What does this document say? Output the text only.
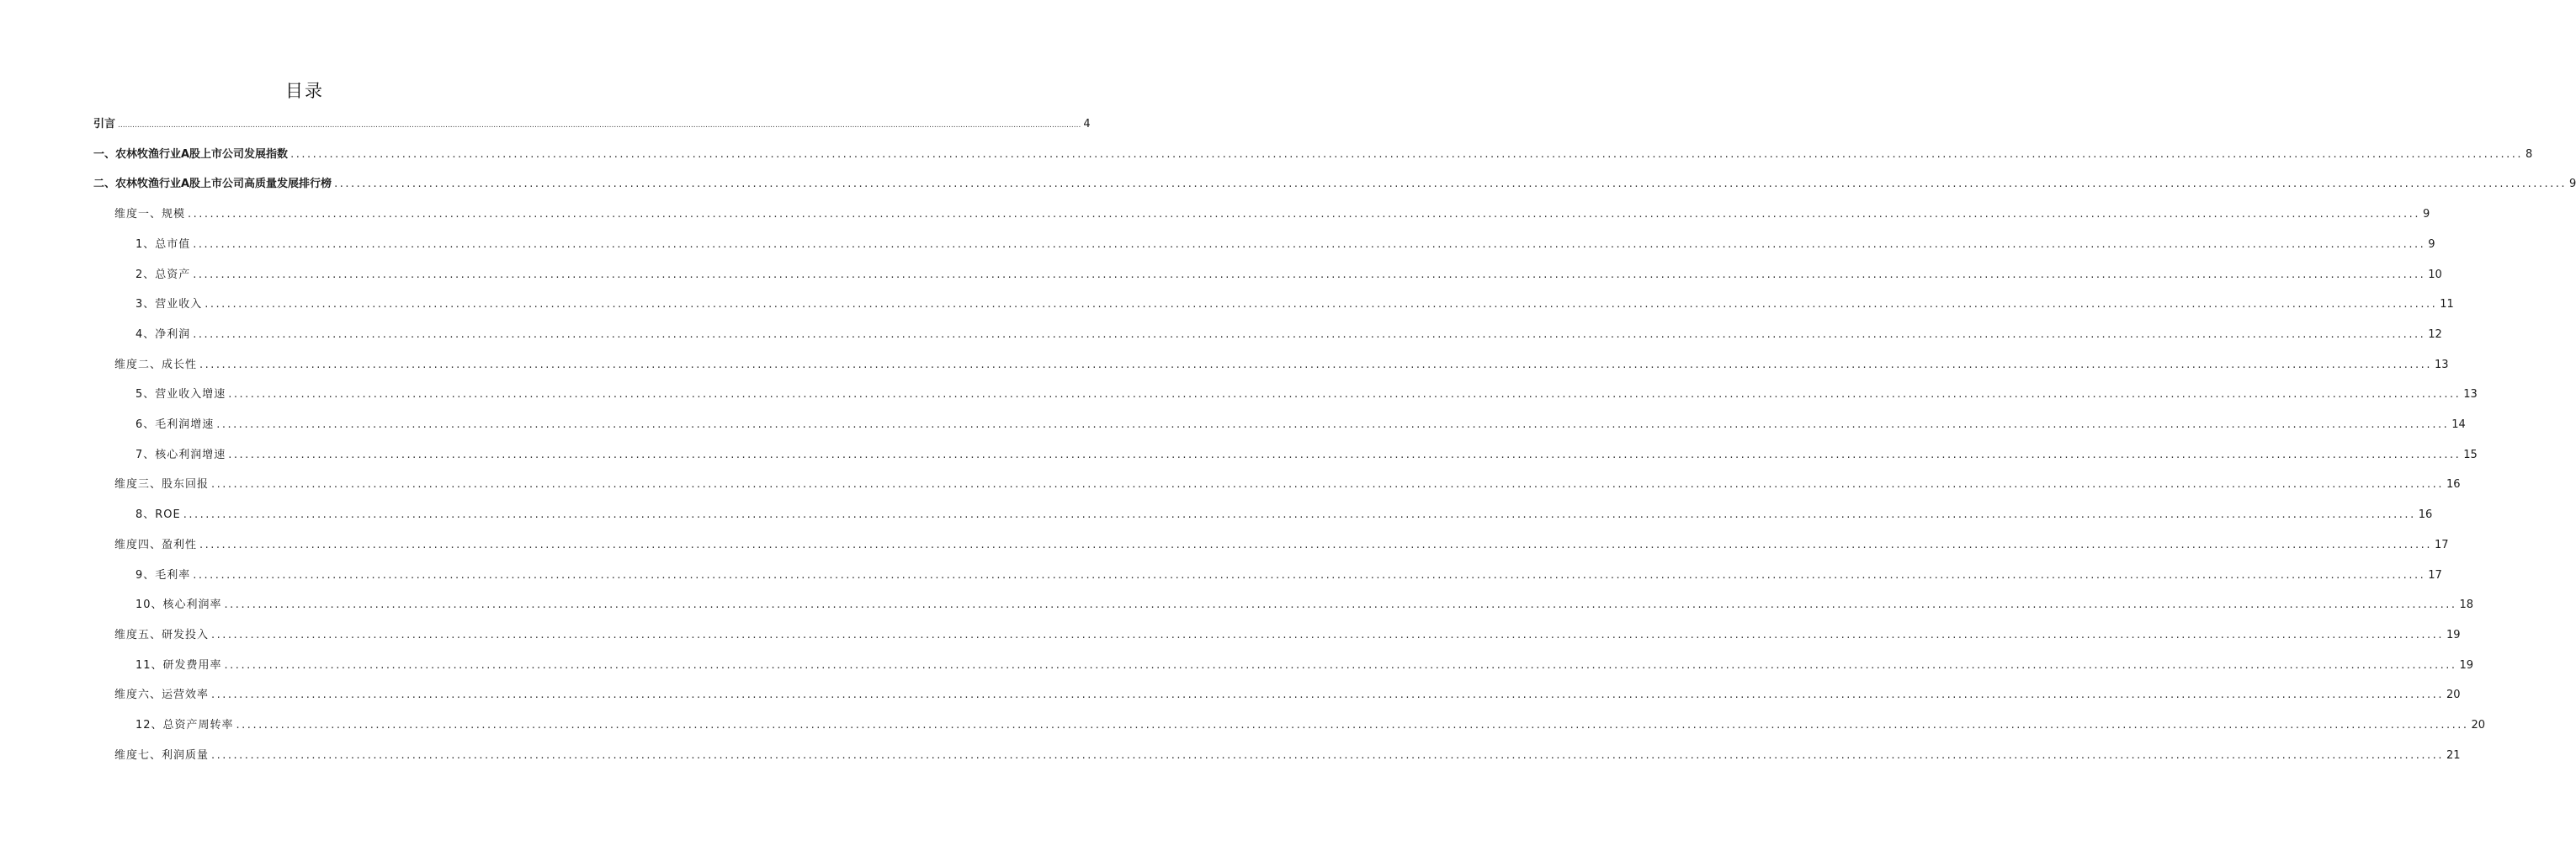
目录
引言 ................................................................................................................................................................................................................................................................................................................................................................................................................ 4
一、农林牧渔行业A股上市公司发展指数 ................................................................................................................................................................................................................................................................................................................................................................................................................ 8
二、农林牧渔行业A股上市公司高质量发展排行榜 ................................................................................................................................................................................................................................................................................................................................................................................................................ 9
维度一、规模 ................................................................................................................................................................................................................................................................................................................................................................................................................ 9
1、总市值 ................................................................................................................................................................................................................................................................................................................................................................................................................ 9
2、总资产 ................................................................................................................................................................................................................................................................................................................................................................................................................ 10
3、营业收入 ................................................................................................................................................................................................................................................................................................................................................................................................................ 11
4、净利润 ................................................................................................................................................................................................................................................................................................................................................................................................................ 12
维度二、成长性 ................................................................................................................................................................................................................................................................................................................................................................................................................ 13
5、营业收入增速 ................................................................................................................................................................................................................................................................................................................................................................................................................ 13
6、毛利润增速 ................................................................................................................................................................................................................................................................................................................................................................................................................ 14
7、核心利润增速 ................................................................................................................................................................................................................................................................................................................................................................................................................ 15
维度三、股东回报 ................................................................................................................................................................................................................................................................................................................................................................................................................ 16
8、ROE ................................................................................................................................................................................................................................................................................................................................................................................................................ 16
维度四、盈利性 ................................................................................................................................................................................................................................................................................................................................................................................................................ 17
9、毛利率 ................................................................................................................................................................................................................................................................................................................................................................................................................ 17
10、核心利润率 ................................................................................................................................................................................................................................................................................................................................................................................................................ 18
维度五、研发投入 ................................................................................................................................................................................................................................................................................................................................................................................................................ 19
11、研发费用率 ................................................................................................................................................................................................................................................................................................................................................................................................................ 19
维度六、运营效率 ................................................................................................................................................................................................................................................................................................................................................................................................................ 20
12、总资产周转率 ................................................................................................................................................................................................................................................................................................................................................................................................................ 20
维度七、利润质量 ................................................................................................................................................................................................................................................................................................................................................................................................................ 21
